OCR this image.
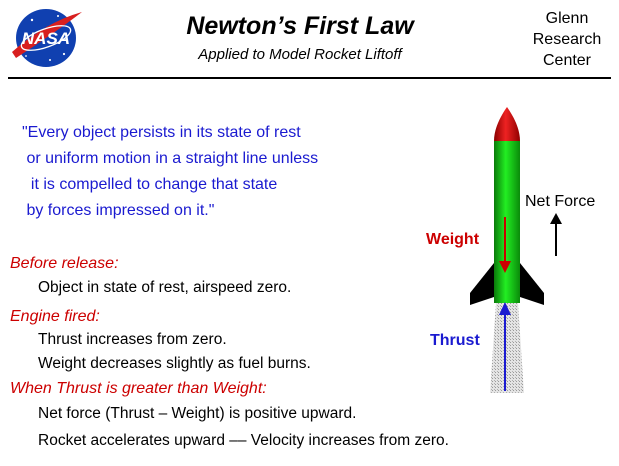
NASA	Newton’s First Law
Applied to Model Rocket Liftoff
Glenn
Research
Center
"Every object persists in its state of rest
or uniform motion in a straight line unless
it is compelled to change that state
by forces impressed on it."
Before release:
Object in state of rest, airspeed zero.
Engine fired:
Thrust increases from zero.
Weight decreases slightly as fuel burns.
When Thrust is greater than Weight:
Net force (Thrust – Weight) is positive upward.
Rocket accelerates upward –– Velocity increases from zero.
Weight
Thrust
Net Force
